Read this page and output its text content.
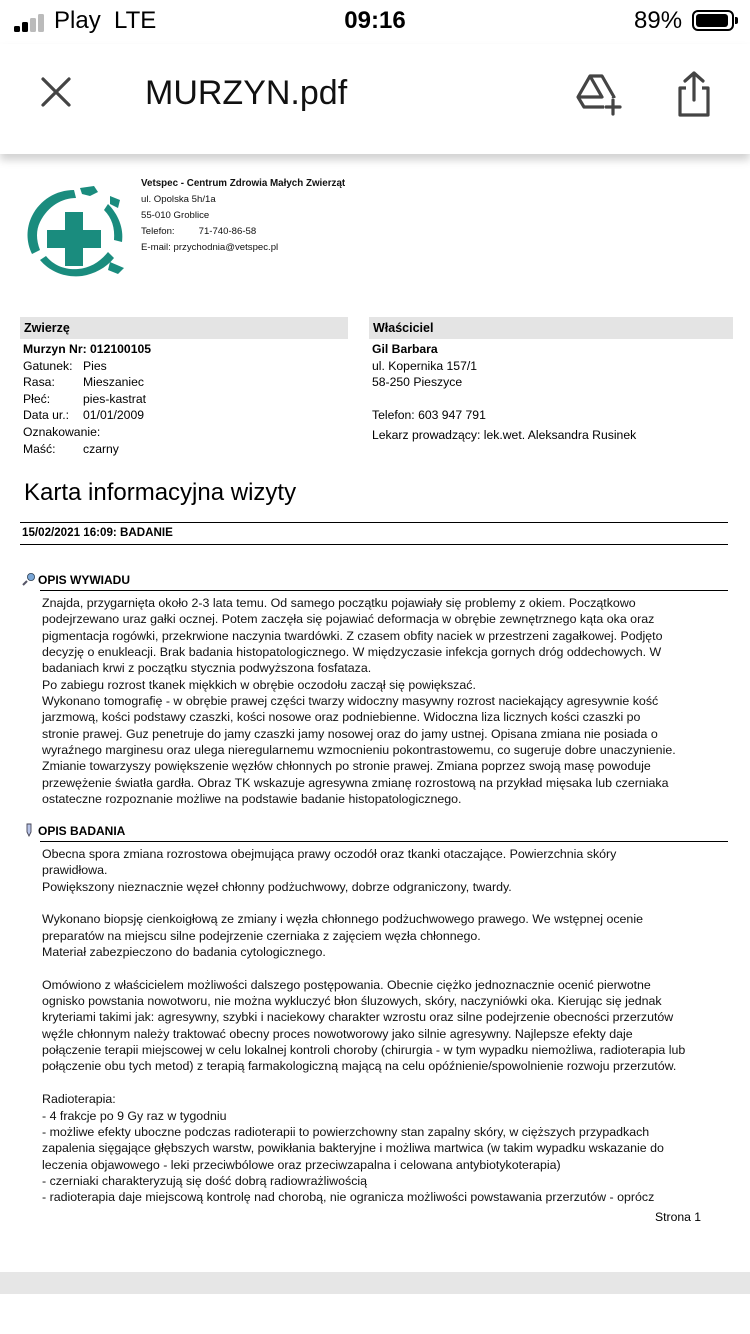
Play LTE	09:16	89%
MURZYN.pdf
Vetspec - Centrum Zdrowia Małych Zwierząt
ul. Opolska 5h/1a
55-010 Groblice
Telefon:	71-740-86-58
E-mail: przychodnia@vetspec.pl
Zwierzę	Właściciel
Murzyn Nr: 012100105
Gatunek: Pies
Rasa: Mieszaniec
Płeć:	pies-kastrat
Data ur.: 01/01/2009
Oznakowanie:
Maść: czarny
Gil Barbara
ul. Kopernika 157/1
58-250 Pieszyce
Telefon: 603 947 791
Lekarz prowadzący: lek.wet. Aleksandra Rusinek
Karta informacyjna wizyty
15/02/2021 16:09: BADANIE
OPIS WYWIADU

Znajda, przygarnięta około 2-3 lata temu. Od samego początku pojawiały się problemy z okiem. Początkowo

podejrzewano uraz gałki ocznej. Potem zaczęła się pojawiać deformacja w obrębie zewnętrznego kąta oka oraz

pigmentacja rogówki, przekrwione naczynia twardówki. Z czasem obfity naciek w przestrzeni zagałkowej. Podjęto

decyzję o enukleacji. Brak badania histopatologicznego. W międzyczasie infekcja gornych dróg oddechowych. W

badaniach krwi z początku stycznia podwyższona fosfataza.

Po zabiegu rozrost tkanek miękkich w obrębie oczodołu zaczął się powiększać.

Wykonano tomografię - w obrębie prawej części twarzy widoczny masywny rozrost naciekający agresywnie kość

jarzmową, kości podstawy czaszki, kości nosowe oraz podniebienne. Widoczna liza licznych kości czaszki po

stronie prawej. Guz penetruje do jamy czaszki jamy nosowej oraz do jamy ustnej. Opisana zmiana nie posiada o

wyraźnego marginesu oraz ulega nieregularnemu wzmocnieniu pokontrastowemu, co sugeruje dobre unaczynienie.

Zmianie towarzyszy powiększenie węzłów chłonnych po stronie prawej. Zmiana poprzez swoją masę powoduje

przewężenie światła gardła. Obraz TK wskazuje agresywna zmianę rozrostową na przykład mięsaka lub czerniaka

ostateczne rozpoznanie możliwe na podstawie badanie histopatologicznego.

OPIS BADANIA

Obecna spora zmiana rozrostowa obejmująca prawy oczodół oraz tkanki otaczające. Powierzchnia skóry

prawidłowa.

Powiększony nieznacznie węzeł chłonny podżuchwowy, dobrze odgraniczony, twardy.

Wykonano biopsję cienkoigłową ze zmiany i węzła chłonnego podżuchwowego prawego. We wstępnej ocenie

preparatów na miejscu silne podejrzenie czerniaka z zajęciem węzła chłonnego.

Materiał zabezpieczono do badania cytologicznego.

Omówiono z właścicielem możliwości dalszego postępowania. Obecnie ciężko jednoznacznie ocenić pierwotne

ognisko powstania nowotworu, nie można wykluczyć błon śluzowych, skóry, naczyniówki oka. Kierując się jednak

kryteriami takimi jak: agresywny, szybki i naciekowy charakter wzrostu oraz silne podejrzenie obecności przerzutów

węźle chłonnym należy traktować obecny proces nowotworowy jako silnie agresywny. Najlepsze efekty daje

połączenie terapii miejscowej w celu lokalnej kontroli choroby (chirurgia - w tym wypadku niemożliwa, radioterapia lub

połączenie obu tych metod) z terapią farmakologiczną mającą na celu opóźnienie/spowolnienie rozwoju przerzutów.

Radioterapia:

- 4 frakcje po 9 Gy raz w tygodniu

- możliwe efekty uboczne podczas radioterapii to powierzchowny stan zapalny skóry, w cięższych przypadkach

zapalenia sięgające głębszych warstw, powikłania bakteryjne i możliwa martwica (w takim wypadku wskazanie do

leczenia objawowego - leki przeciwbólowe oraz przeciwzapalna i celowana antybiotykoterapia)

- czerniaki charakteryzują się dość dobrą radiowrażliwością

- radioterapia daje miejscową kontrolę nad chorobą, nie ogranicza możliwości powstawania przerzutów - oprócz

Strona 1
